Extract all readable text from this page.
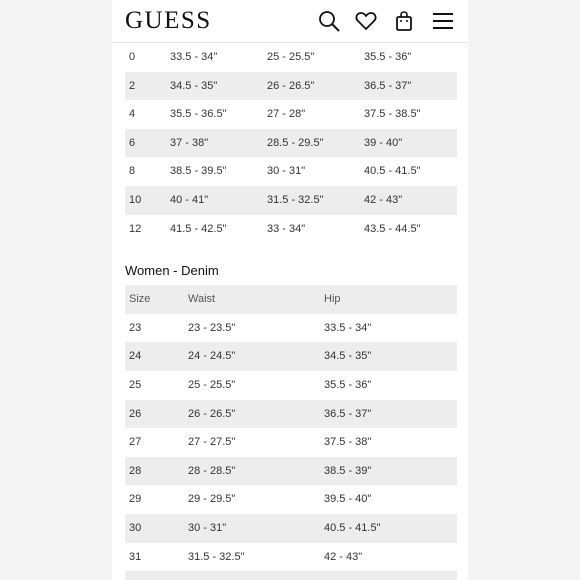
GUESS
0	33.5 - 34"	25 - 25.5"	35.5 - 36"
2	34.5 - 35"	26 - 26.5"	36.5 - 37"
4	35.5 - 36.5"	27 - 28"	37.5 - 38.5"
6	37 - 38"	28.5 - 29.5"	39 - 40"
8	38.5 - 39.5"	30 - 31"	40.5 - 41.5"
10	40 - 41"	31.5 - 32.5"	42 - 43"
12	41.5 - 42.5"	33 - 34"	43.5 - 44.5"
Women - Denim
Size	Waist	Hip
23	23 - 23.5"	33.5 - 34"
24	24 - 24.5"	34.5 - 35"
25	25 - 25.5"	35.5 - 36"
26	26 - 26.5"	36.5 - 37"
27	27 - 27.5"	37.5 - 38"
28	28 - 28.5"	38.5 - 39"
29	29 - 29.5"	39.5 - 40"
30	30 - 31"	40.5 - 41.5"
31	31.5 - 32.5"	42 - 43"
